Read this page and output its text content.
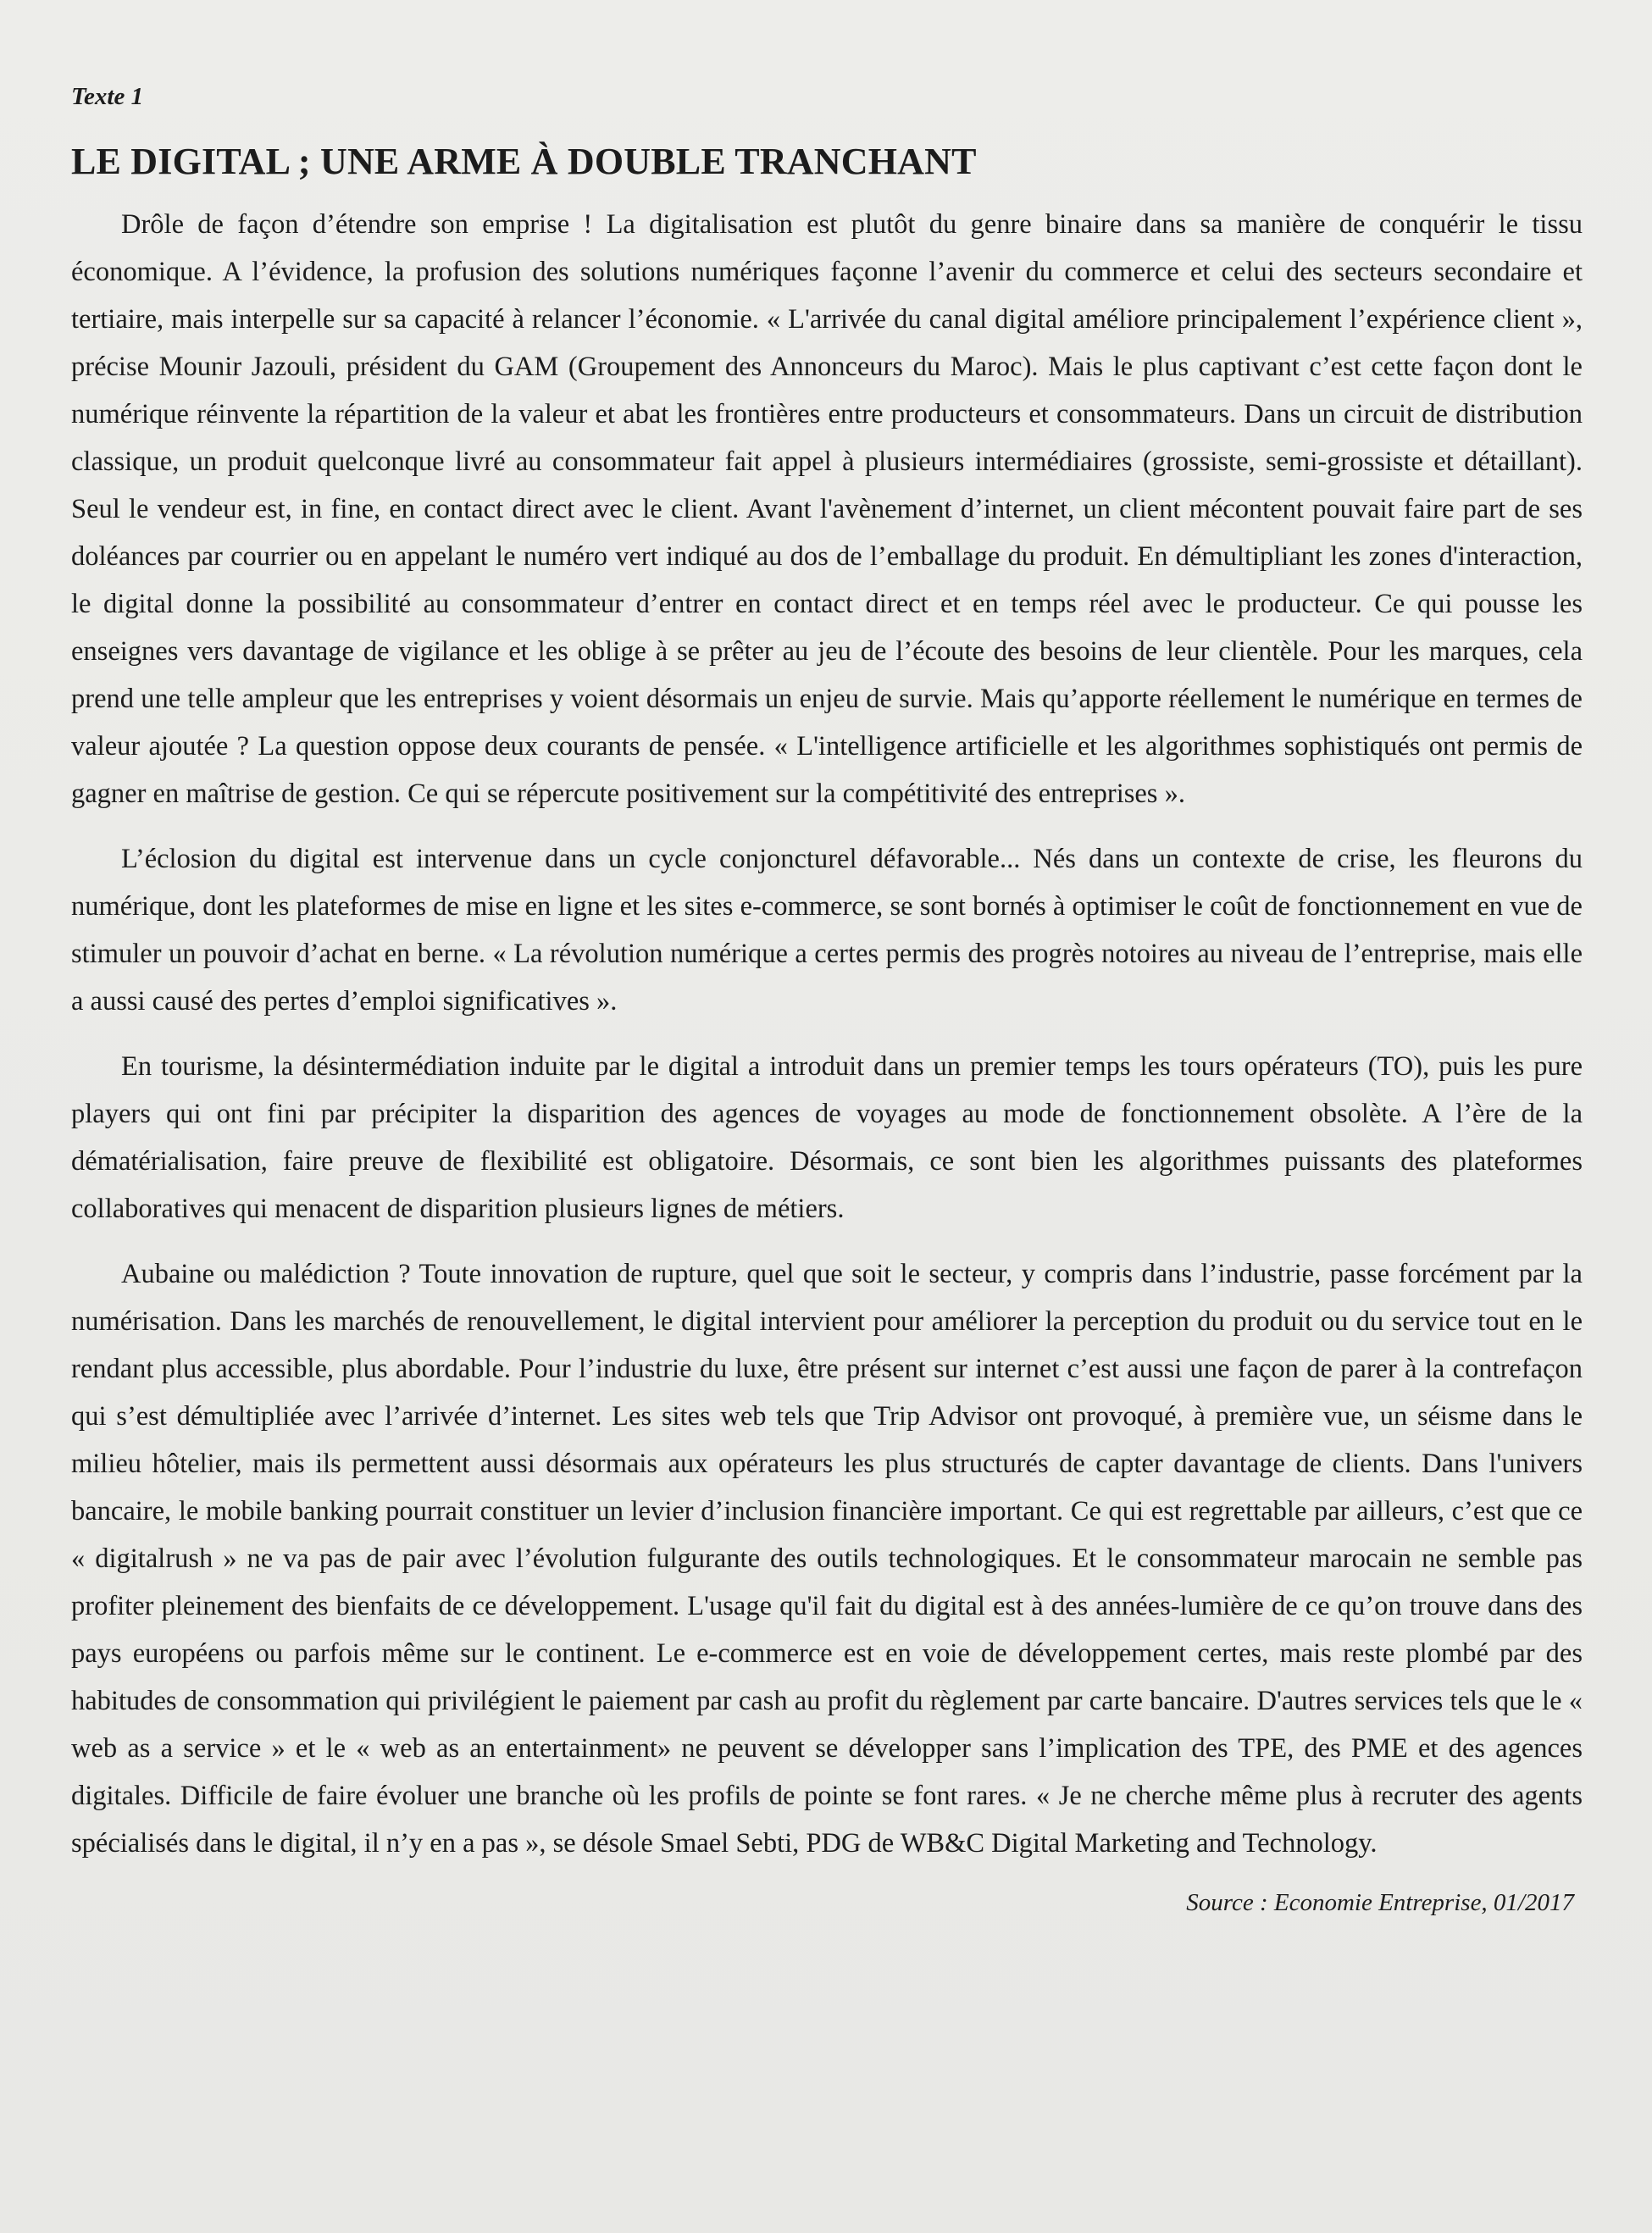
Texte 1
LE DIGITAL ; UNE ARME À DOUBLE TRANCHANT

Drôle de façon d’étendre son emprise ! La digitalisation est plutôt du genre binaire dans sa manière de conquérir le tissu économique. A l’évidence, la profusion des solutions numériques façonne l’avenir du commerce et celui des secteurs secondaire et tertiaire, mais interpelle sur sa capacité à relancer l’économie. « L'arrivée du canal digital améliore principalement l’expérience client », précise Mounir Jazouli, président du GAM (Groupement des Annonceurs du Maroc). Mais le plus captivant c’est cette façon dont le numérique réinvente la répartition de la valeur et abat les frontières entre producteurs et consommateurs. Dans un circuit de distribution classique, un produit quelconque livré au consommateur fait appel à plusieurs intermédiaires (grossiste, semi-grossiste et détaillant). Seul le vendeur est, in fine, en contact direct avec le client. Avant l'avènement d’internet, un client mécontent pouvait faire part de ses doléances par courrier ou en appelant le numéro vert indiqué au dos de l’emballage du produit. En démultipliant les zones d'interaction, le digital donne la possibilité au consommateur d’entrer en contact direct et en temps réel avec le producteur. Ce qui pousse les enseignes vers davantage de vigilance et les oblige à se prêter au jeu de l’écoute des besoins de leur clientèle. Pour les marques, cela prend une telle ampleur que les entreprises y voient désormais un enjeu de survie. Mais qu’apporte réellement le numérique en termes de valeur ajoutée ? La question oppose deux courants de pensée. « L'intelligence artificielle et les algorithmes sophistiqués ont permis de gagner en maîtrise de gestion. Ce qui se répercute positivement sur la compétitivité des entreprises ».

L’éclosion du digital est intervenue dans un cycle conjoncturel défavorable... Nés dans un contexte de crise, les fleurons du numérique, dont les plateformes de mise en ligne et les sites e-commerce, se sont bornés à optimiser le coût de fonctionnement en vue de stimuler un pouvoir d’achat en berne. « La révolution numérique a certes permis des progrès notoires au niveau de l’entreprise, mais elle a aussi causé des pertes d’emploi significatives ».

En tourisme, la désintermédiation induite par le digital a introduit dans un premier temps les tours opérateurs (TO), puis les pure players qui ont fini par précipiter la disparition des agences de voyages au mode de fonctionnement obsolète. A l’ère de la dématérialisation, faire preuve de flexibilité est obligatoire. Désormais, ce sont bien les algorithmes puissants des plateformes collaboratives qui menacent de disparition plusieurs lignes de métiers.

Aubaine ou malédiction ? Toute innovation de rupture, quel que soit le secteur, y compris dans l’industrie, passe forcément par la numérisation. Dans les marchés de renouvellement, le digital intervient pour améliorer la perception du produit ou du service tout en le rendant plus accessible, plus abordable. Pour l’industrie du luxe, être présent sur internet c’est aussi une façon de parer à la contrefaçon qui s’est démultipliée avec l’arrivée d’internet. Les sites web tels que Trip Advisor ont provoqué, à première vue, un séisme dans le milieu hôtelier, mais ils permettent aussi désormais aux opérateurs les plus structurés de capter davantage de clients. Dans l'univers bancaire, le mobile banking pourrait constituer un levier d’inclusion financière important. Ce qui est regrettable par ailleurs, c’est que ce « digitalrush » ne va pas de pair avec l’évolution fulgurante des outils technologiques. Et le consommateur marocain ne semble pas profiter pleinement des bienfaits de ce développement. L'usage qu'il fait du digital est à des années-lumière de ce qu’on trouve dans des pays européens ou parfois même sur le continent. Le e-commerce est en voie de développement certes, mais reste plombé par des habitudes de consommation qui privilégient le paiement par cash au profit du règlement par carte bancaire. D'autres services tels que le « web as a service » et le « web as an entertainment» ne peuvent se développer sans l’implication des TPE, des PME et des agences digitales. Difficile de faire évoluer une branche où les profils de pointe se font rares. « Je ne cherche même plus à recruter des agents spécialisés dans le digital, il n’y en a pas », se désole Smael Sebti, PDG de WB&C Digital Marketing and Technology.

Source : Economie Entreprise, 01/2017
